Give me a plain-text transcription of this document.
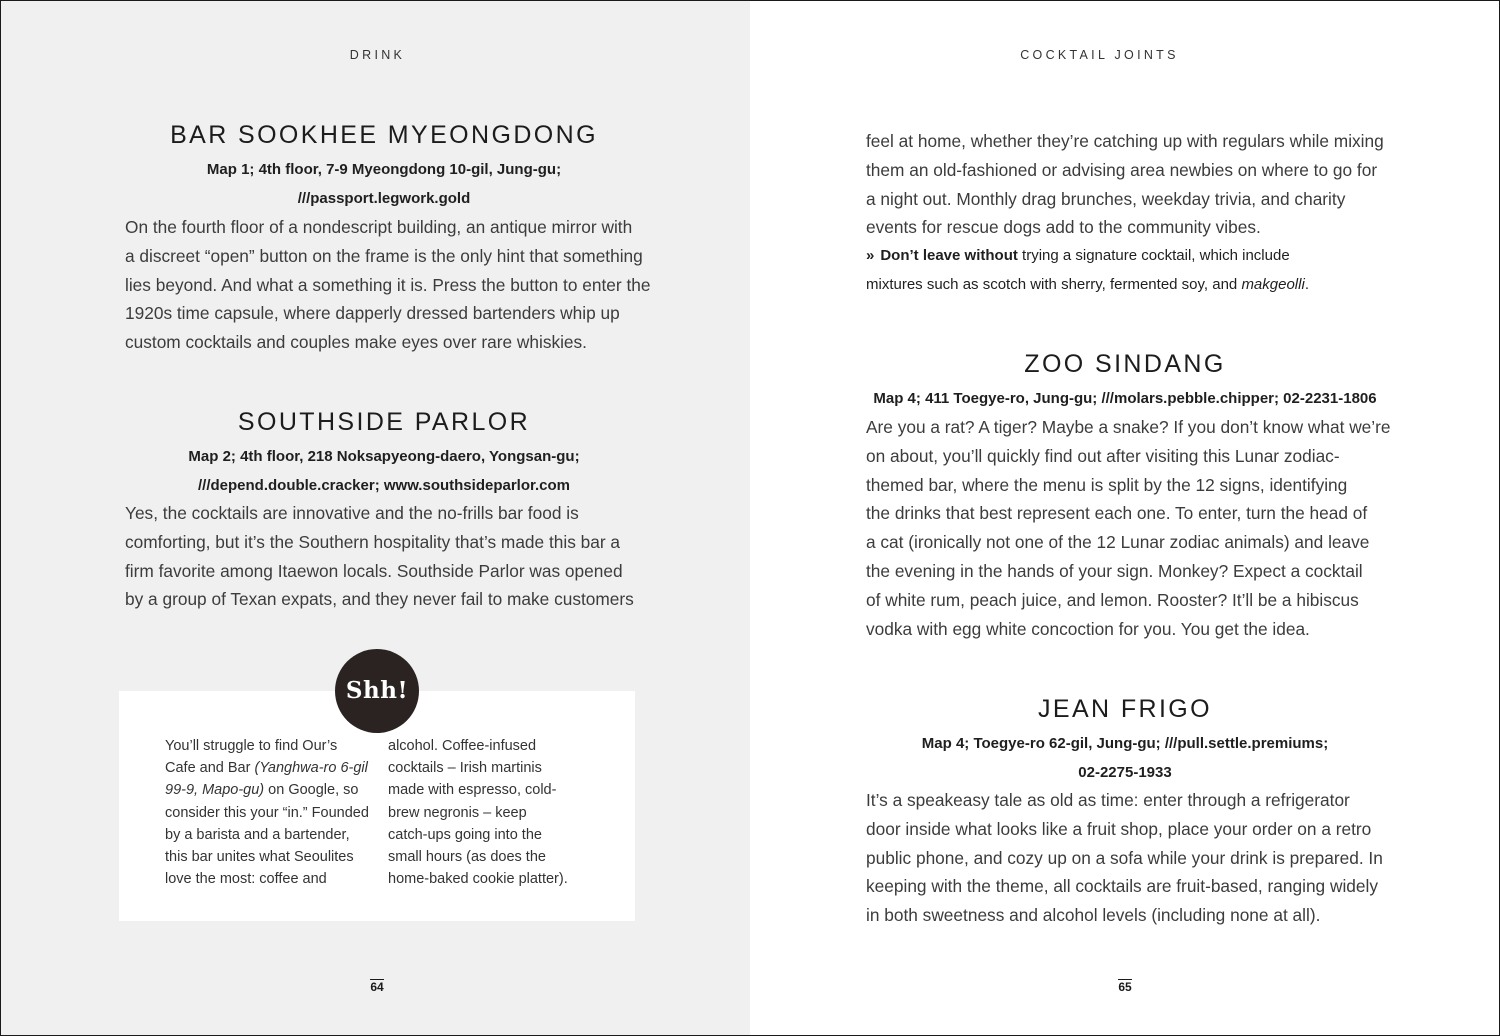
DRINK
BAR SOOKHEE MYEONGDONG
Map 1; 4th floor, 7-9 Myeongdong 10-gil, Jung-gu;
///passport.legwork.gold
On the fourth floor of a nondescript building, an antique mirror with
a discreet “open” button on the frame is the only hint that something
lies beyond. And what a something it is. Press the button to enter the
1920s time capsule, where dapperly dressed bartenders whip up
custom cocktails and couples make eyes over rare whiskies.
SOUTHSIDE PARLOR
Map 2; 4th floor, 218 Noksapyeong-daero, Yongsan-gu;
///depend.double.cracker; www.southsideparlor.com
Yes, the cocktails are innovative and the no-frills bar food is
comforting, but it’s the Southern hospitality that’s made this bar a
firm favorite among Itaewon locals. Southside Parlor was opened
by a group of Texan expats, and they never fail to make customers
Shh!
You’ll struggle to find Our’s
Cafe and Bar (Yanghwa-ro 6-gil
99-9, Mapo-gu) on Google, so
consider this your “in.” Founded
by a barista and a bartender,
this bar unites what Seoulites
love the most: coffee and
alcohol. Coffee-infused
cocktails – Irish martinis
made with espresso, cold-
brew negronis – keep
catch-ups going into the
small hours (as does the
home-baked cookie platter).
64
COCKTAIL JOINTS
feel at home, whether they’re catching up with regulars while mixing
them an old-fashioned or advising area newbies on where to go for
a night out. Monthly drag brunches, weekday trivia, and charity
events for rescue dogs add to the community vibes.
» Don’t leave without trying a signature cocktail, which include
mixtures such as scotch with sherry, fermented soy, and makgeolli.
ZOO SINDANG
Map 4; 411 Toegye-ro, Jung-gu; ///molars.pebble.chipper; 02-2231-1806
Are you a rat? A tiger? Maybe a snake? If you don’t know what we’re
on about, you’ll quickly find out after visiting this Lunar zodiac-
themed bar, where the menu is split by the 12 signs, identifying
the drinks that best represent each one. To enter, turn the head of
a cat (ironically not one of the 12 Lunar zodiac animals) and leave
the evening in the hands of your sign. Monkey? Expect a cocktail
of white rum, peach juice, and lemon. Rooster? It’ll be a hibiscus
vodka with egg white concoction for you. You get the idea.
JEAN FRIGO
Map 4; Toegye-ro 62-gil, Jung-gu; ///pull.settle.premiums;
02-2275-1933
It’s a speakeasy tale as old as time: enter through a refrigerator
door inside what looks like a fruit shop, place your order on a retro
public phone, and cozy up on a sofa while your drink is prepared. In
keeping with the theme, all cocktails are fruit-based, ranging widely
in both sweetness and alcohol levels (including none at all).
65
